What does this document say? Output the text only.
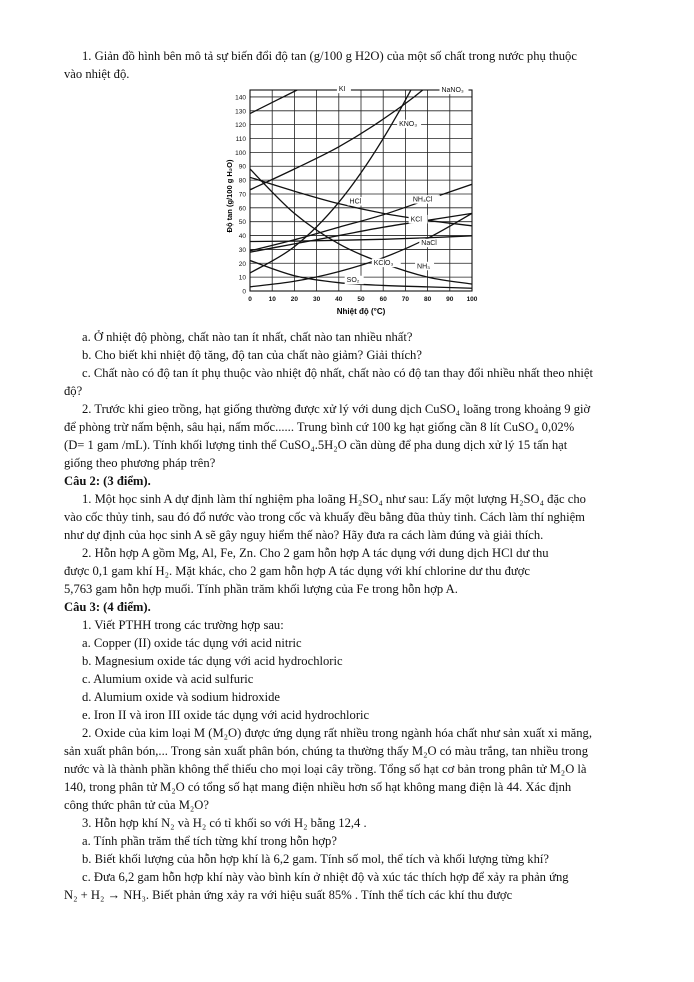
1. Giản đồ hình bên mô tả sự biến đổi độ tan (g/100 g H2O) của một số chất trong nước phụ thuộc
vào nhiệt độ.
0
10
20
30
40
50
60
70
80
90
100
110
120
130
140
0	10 20 30 40 50 60 70 80 90 100
KI	NaNO₃
KNO₃
NH₄Cl
HCl
KCl
NaCl
KClO₃	NH₃
SO₂
Độ tan (g/100 g H₂O)
Nhiệt độ (°C)
a. Ở nhiệt độ phòng, chất nào tan ít nhất, chất nào tan nhiều nhất?
b. Cho biết khi nhiệt độ tăng, độ tan của chất nào giảm? Giải thích?
c. Chất nào có độ tan ít phụ thuộc vào nhiệt độ nhất, chất nào có độ tan thay đổi nhiều nhất theo nhiệt
độ?
2. Trước khi gieo trồng, hạt giống thường được xử lý với dung dịch CuSO₄ loãng trong khoảng 9 giờ
để phòng trừ nấm bệnh, sâu hại, nấm mốc...... Trung bình cứ 100 kg hạt giống cần 8 lít CuSO₄ 0,02%
(D= 1 gam /mL). Tính khối lượng tinh thể CuSO₄.5H₂O cần dùng để pha dung dịch xử lý 15 tấn hạt
giống theo phương pháp trên?
Câu 2: (3 điểm).
1. Một học sinh A dự định làm thí nghiệm pha loãng H₂SO₄ như sau: Lấy một lượng H₂SO₄ đặc cho
vào cốc thủy tinh, sau đó đổ nước vào trong cốc và khuấy đều bằng đũa thủy tinh. Cách làm thí nghiệm
như dự định của học sinh A sẽ gây nguy hiểm thế nào? Hãy đưa ra cách làm đúng và giải thích.
2. Hỗn hợp A gồm Mg, Al, Fe, Zn. Cho 2 gam hỗn hợp A tác dụng với dung dịch HCl dư thu
được 0,1 gam khí H₂. Mặt khác, cho 2 gam hỗn hợp A tác dụng với khí chlorine dư thu được
5,763 gam hỗn hợp muối. Tính phần trăm khối lượng của Fe trong hỗn hợp A.
Câu 3: (4 điểm).
1. Viết PTHH trong các trường hợp sau:
a. Copper (II) oxide tác dụng với acid nitric
b. Magnesium oxide tác dụng với acid hydrochloric
c. Alumium oxide và acid sulfuric
d. Alumium oxide và sodium hidroxide
e. Iron II và iron III oxide tác dụng với acid hydrochloric
2. Oxide của kim loại M (M₂O) được ứng dụng rất nhiều trong ngành hóa chất như sản xuất xi măng,
sản xuất phân bón,... Trong sản xuất phân bón, chúng ta thường thấy M₂O có màu trắng, tan nhiều trong
nước và là thành phần không thể thiếu cho mọi loại cây trồng. Tổng số hạt cơ bản trong phân tử M₂O là
140, trong phân tử M₂O có tổng số hạt mang điện nhiều hơn số hạt không mang điện là 44. Xác định
công thức phân tử của M₂O?
3. Hỗn hợp khí N₂ và H₂ có tỉ khối so với H₂ bằng 12,4 .
a. Tính phần trăm thể tích từng khí trong hỗn hợp?
b. Biết khối lượng của hỗn hợp khí là 6,2 gam. Tính số mol, thể tích và khối lượng từng khí?
c. Đưa 6,2 gam hỗn hợp khí này vào bình kín ở nhiệt độ và xúc tác thích hợp để xảy ra phản ứng
N₂ + H₂ → NH₃. Biết phản ứng xảy ra với hiệu suất 85% . Tính thể tích các khí thu được
